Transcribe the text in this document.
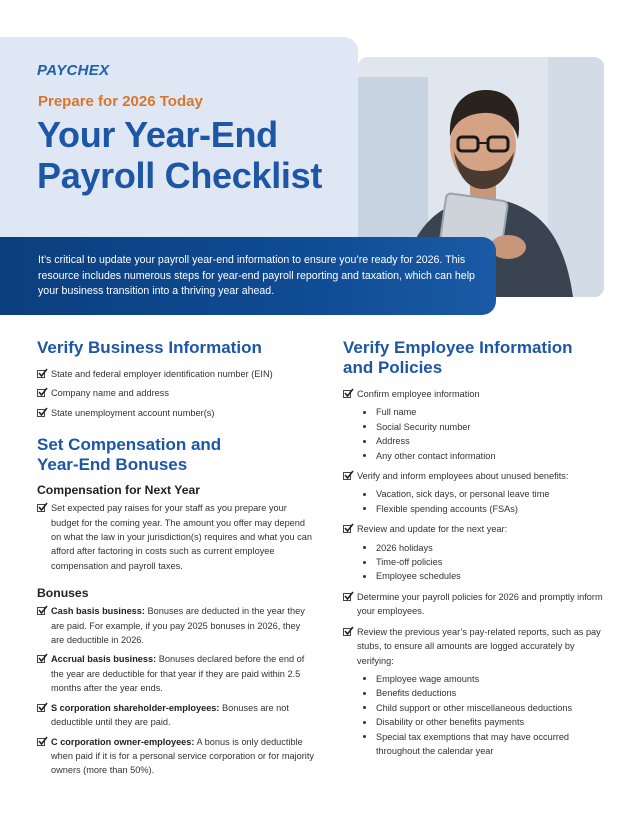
PAYCHEX
Prepare for 2026 Today
Your Year-End
Payroll Checklist
It’s critical to update your payroll year-end information to ensure you’re ready for 2026. This resource includes numerous steps for year-end payroll reporting and taxation, which can help your business transition into a thriving year ahead.
Verify Business Information
State and federal employer identification number (EIN)
Company name and address
State unemployment account number(s)
Set Compensation and
Year-End Bonuses
Compensation for Next Year
Set expected pay raises for your staff as you prepare your budget for the coming year. The amount you offer may depend on what the law in your jurisdiction(s) requires and what you can afford after factoring in costs such as current employee compensation and payroll taxes.
Bonuses
Cash basis business: Bonuses are deducted in the year they are paid. For example, if you pay 2025 bonuses in 2026, they are deductible in 2026.
Accrual basis business: Bonuses declared before the end of the year are deductible for that year if they are paid within 2.5 months after the year ends.
S corporation shareholder-employees: Bonuses are not deductible until they are paid.
C corporation owner-employees: A bonus is only deductible when paid if it is for a personal service corporation or for majority owners (more than 50%).
Verify Employee Information
and Policies
Confirm employee information
Full name
Social Security number
Address
Any other contact information
Verify and inform employees about unused benefits:
Vacation, sick days, or personal leave time
Flexible spending accounts (FSAs)
Review and update for the next year:
2026 holidays
Time-off policies
Employee schedules
Determine your payroll policies for 2026 and promptly inform your employees.
Review the previous year’s pay-related reports, such as pay stubs, to ensure all amounts are logged accurately by verifying:
Employee wage amounts
Benefits deductions
Child support or other miscellaneous deductions
Disability or other benefits payments
Special tax exemptions that may have occurred throughout the calendar year
